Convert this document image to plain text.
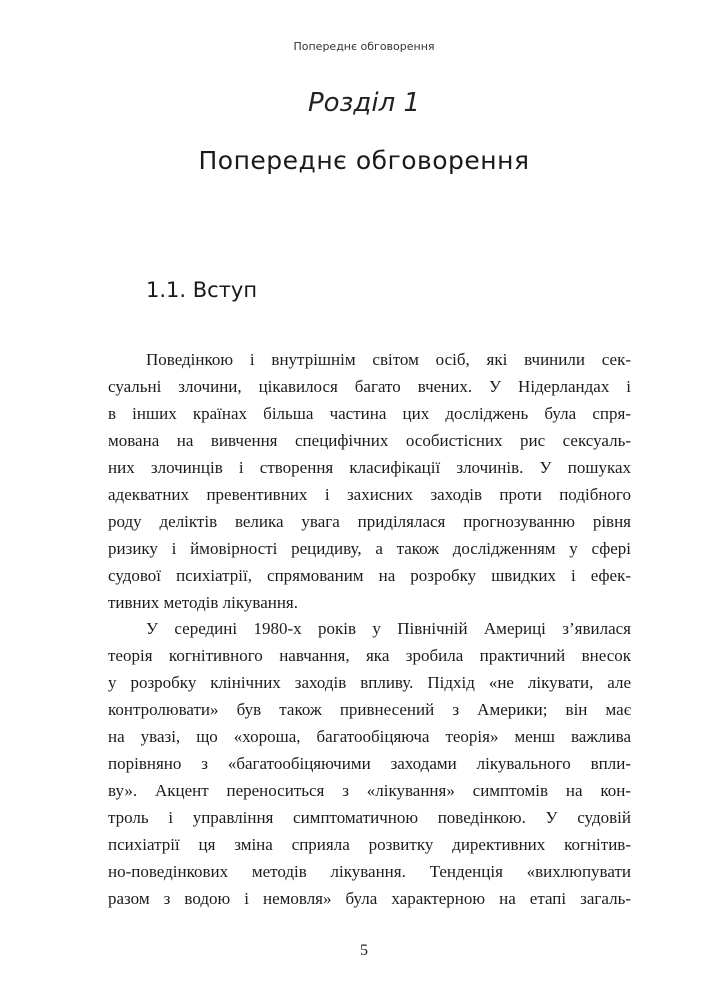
Попереднє обговорення
Розділ 1
Попереднє обговорення
1.1. Вступ
Поведінкою і внутрішнім світом осіб, які вчинили сек-
суальні злочини, цікавилося багато вчених. У Нідерландах і
в інших країнах більша частина цих досліджень була спря-
мована на вивчення специфічних особистісних рис сексуаль-
них злочинців і створення класифікації злочинів. У пошуках
адекватних превентивних і захисних заходів проти подібного
роду деліктів велика увага приділялася прогнозуванню рівня
ризику і ймовірності рецидиву, а також дослідженням у сфері
судової психіатрії, спрямованим на розробку швидких і ефек-
тивних методів лікування.
У середині 1980-х років у Північній Америці з’явилася
теорія когнітивного навчання, яка зробила практичний внесок
у розробку клінічних заходів впливу. Підхід «не лікувати, але
контролювати» був також привнесений з Америки; він має
на увазі, що «хороша, багатообіцяюча теорія» менш важлива
порівняно з «багатообіцяючими заходами лікувального впли-
ву». Акцент переноситься з «лікування» симптомів на кон-
троль і управління симптоматичною поведінкою. У судовій
психіатрії ця зміна сприяла розвитку директивних когнітив-
но-поведінкових методів лікування. Тенденція «вихлюпувати
разом з водою і немовля» була характерною на етапі загаль-
5
